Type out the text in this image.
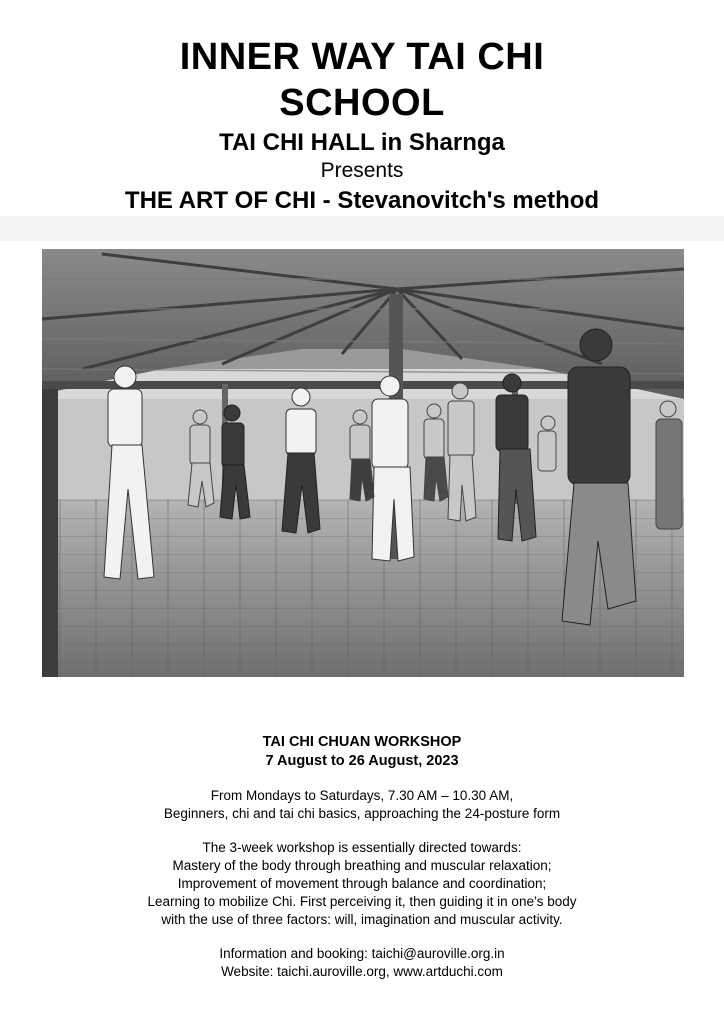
INNER WAY TAI CHI
SCHOOL

TAI CHI HALL in Sharnga

Presents

THE ART OF CHI - Stevanovitch's method

TAI CHI CHUAN WORKSHOP

7 August to 26 August, 2023

From Mondays to Saturdays, 7.30 AM – 10.30 AM,

Beginners, chi and tai chi basics, approaching the 24-posture form

The 3-week workshop is essentially directed towards:

Mastery of the body through breathing and muscular relaxation;

Improvement of movement through balance and coordination;

Learning to mobilize Chi. First perceiving it, then guiding it in one’s body

with the use of three factors: will, imagination and muscular activity.

Information and booking: taichi@auroville.org.in

Website: taichi.auroville.org, www.artduchi.com
